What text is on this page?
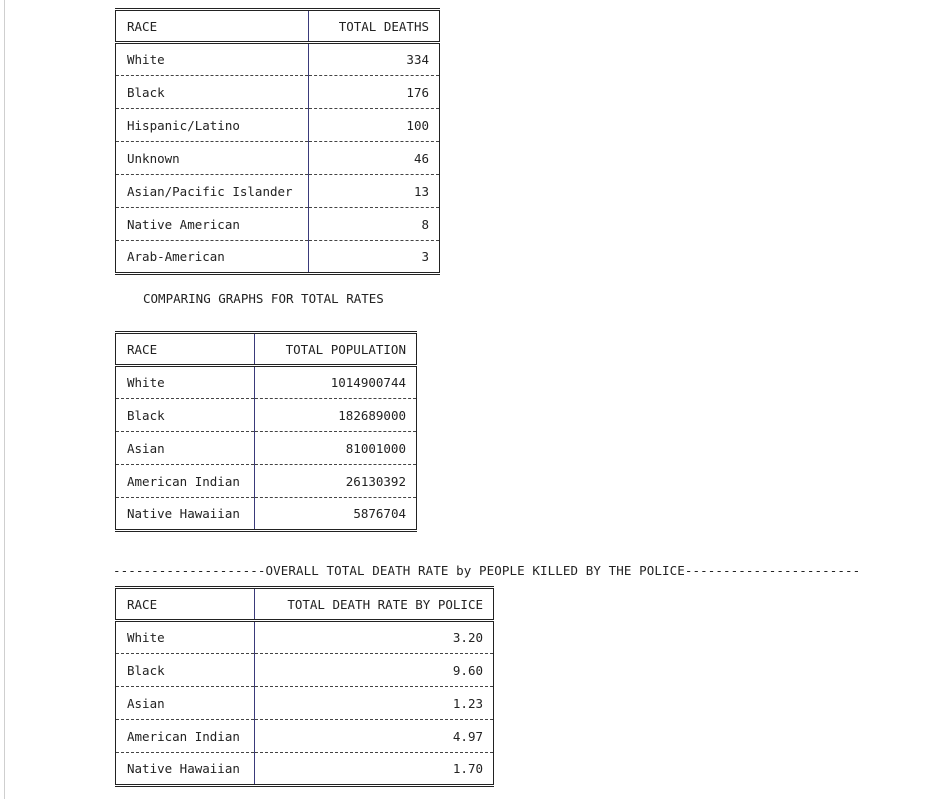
RACE	TOTAL DEATHS
White	334
Black	176
Hispanic/Latino	100
Unknown	46
Asian/Pacific Islander	13
Native American	8
Arab-American	3
COMPARING GRAPHS FOR TOTAL RATES
RACE	TOTAL POPULATION
White	1014900744
Black	182689000
Asian	81001000
American Indian	26130392
Native Hawaiian	5876704
--------------------OVERALL TOTAL DEATH RATE by PEOPLE KILLED BY THE POLICE-----------------------
RACE	TOTAL DEATH RATE BY POLICE
White	3.20
Black	9.60
Asian	1.23
American Indian	4.97
Native Hawaiian	1.70
